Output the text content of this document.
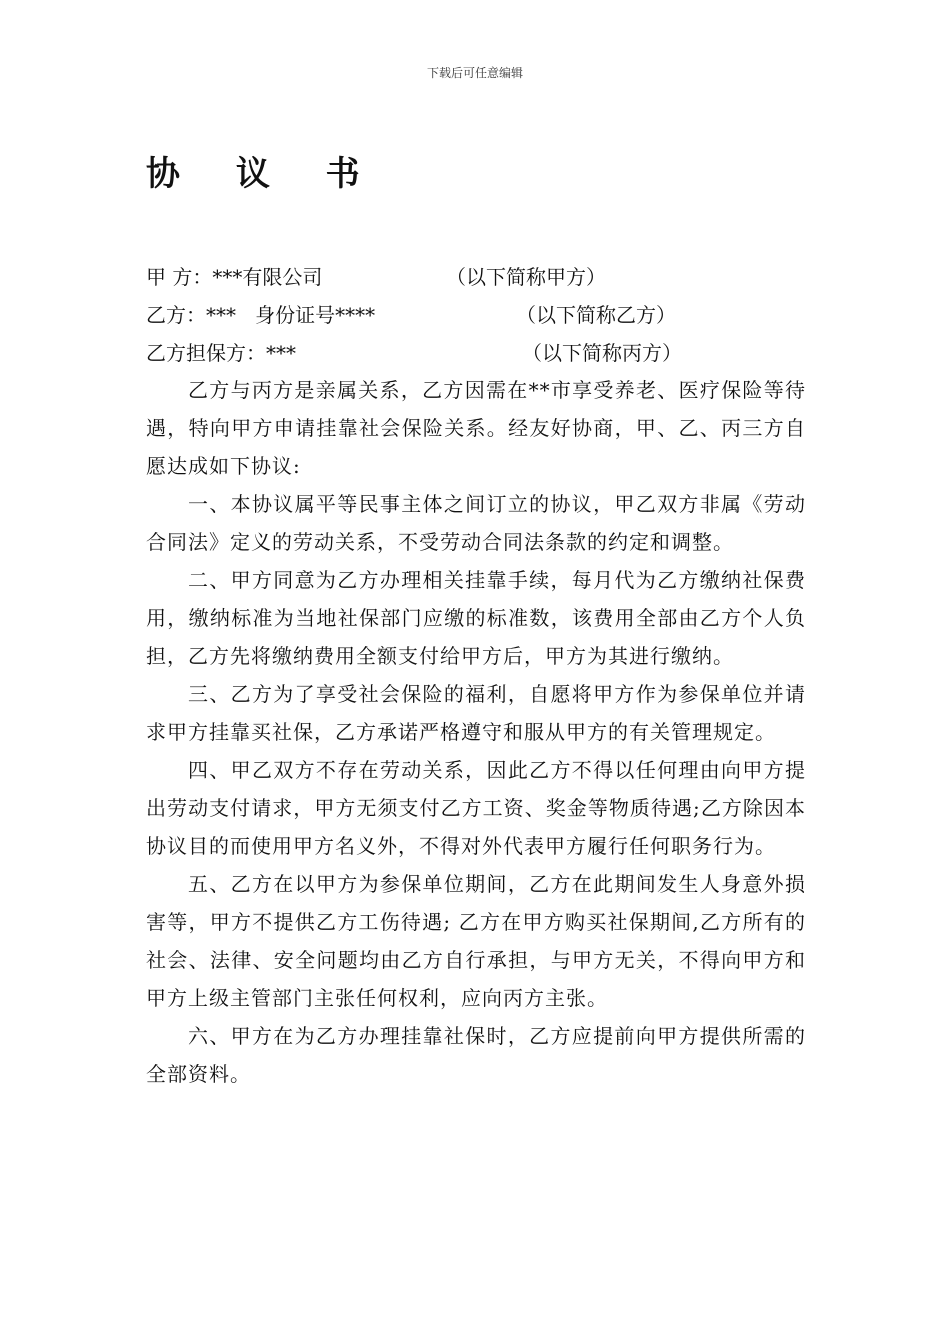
下载后可任意编辑
协 议 书
甲 方：***有限公司	（以下简称甲方）
乙方：***   身份证号****	（以下简称乙方）
乙方担保方：***	（以下简称丙方）

乙方与丙方是亲属关系，乙方因需在**市享受养老、医疗保险等待遇，特向甲方申请挂靠社会保险关系。经友好协商，甲、乙、丙三方自愿达成如下协议:

一、本协议属平等民事主体之间订立的协议，甲乙双方非属《劳动合同法》定义的劳动关系，不受劳动合同法条款的约定和调整。

二、甲方同意为乙方办理相关挂靠手续，每月代为乙方缴纳社保费用，缴纳标准为当地社保部门应缴的标准数，该费用全部由乙方个人负担，乙方先将缴纳费用全额支付给甲方后，甲方为其进行缴纳。

三、乙方为了享受社会保险的福利，自愿将甲方作为参保单位并请求甲方挂靠买社保，乙方承诺严格遵守和服从甲方的有关管理规定。

四、甲乙双方不存在劳动关系，因此乙方不得以任何理由向甲方提出劳动支付请求，甲方无须支付乙方工资、奖金等物质待遇;乙方除因本协议目的而使用甲方名义外，不得对外代表甲方履行任何职务行为。

五、乙方在以甲方为参保单位期间，乙方在此期间发生人身意外损害等，甲方不提供乙方工伤待遇; 乙方在甲方购买社保期间,乙方所有的社会、法律、安全问题均由乙方自行承担，与甲方无关，不得向甲方和甲方上级主管部门主张任何权利，应向丙方主张。

六、甲方在为乙方办理挂靠社保时，乙方应提前向甲方提供所需的全部资料。
